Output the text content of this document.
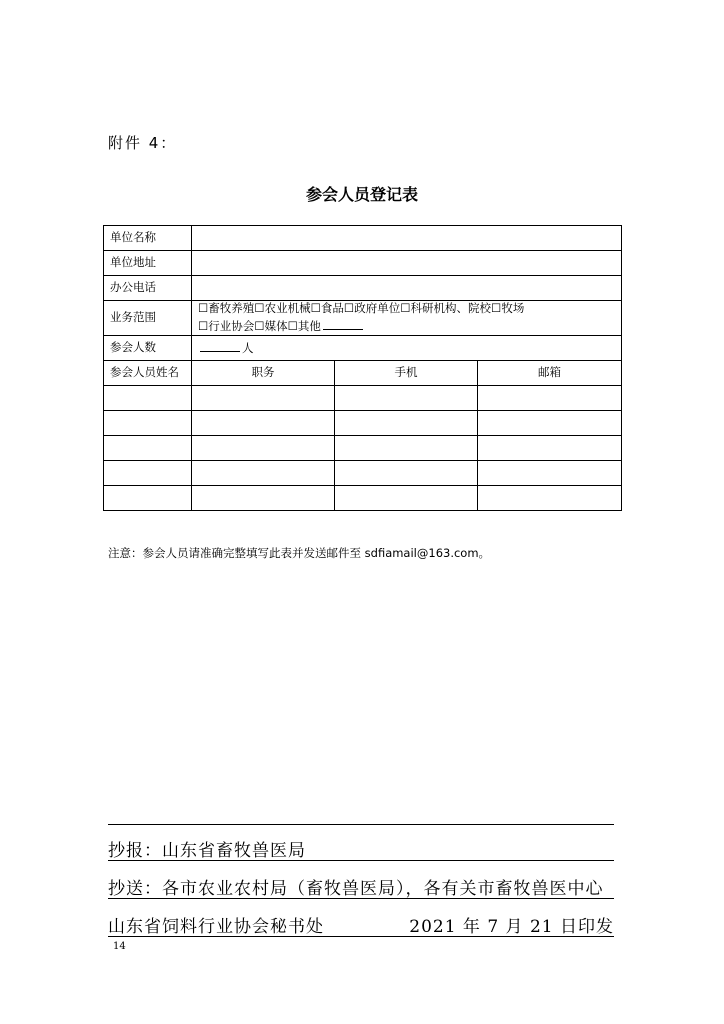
附件 4：
参会人员登记表
单位名称			
单位地址			
办公电话			
业务范围	☐畜牧养殖☐农业机械☐食品☐政府单位☐科研机构、院校☐牧场
☐行业协会☐媒体☐其他		

参会人数	人		
参会人员姓名	职务	手机	邮箱

注意：参会人员请准确完整填写此表并发送邮件至 sdfiamail@163.com。
抄报：山东省畜牧兽医局
抄送：各市农业农村局（畜牧兽医局），各有关市畜牧兽医中心
山东省饲料行业协会秘书处	2021 年 7 月 21 日印发
14
